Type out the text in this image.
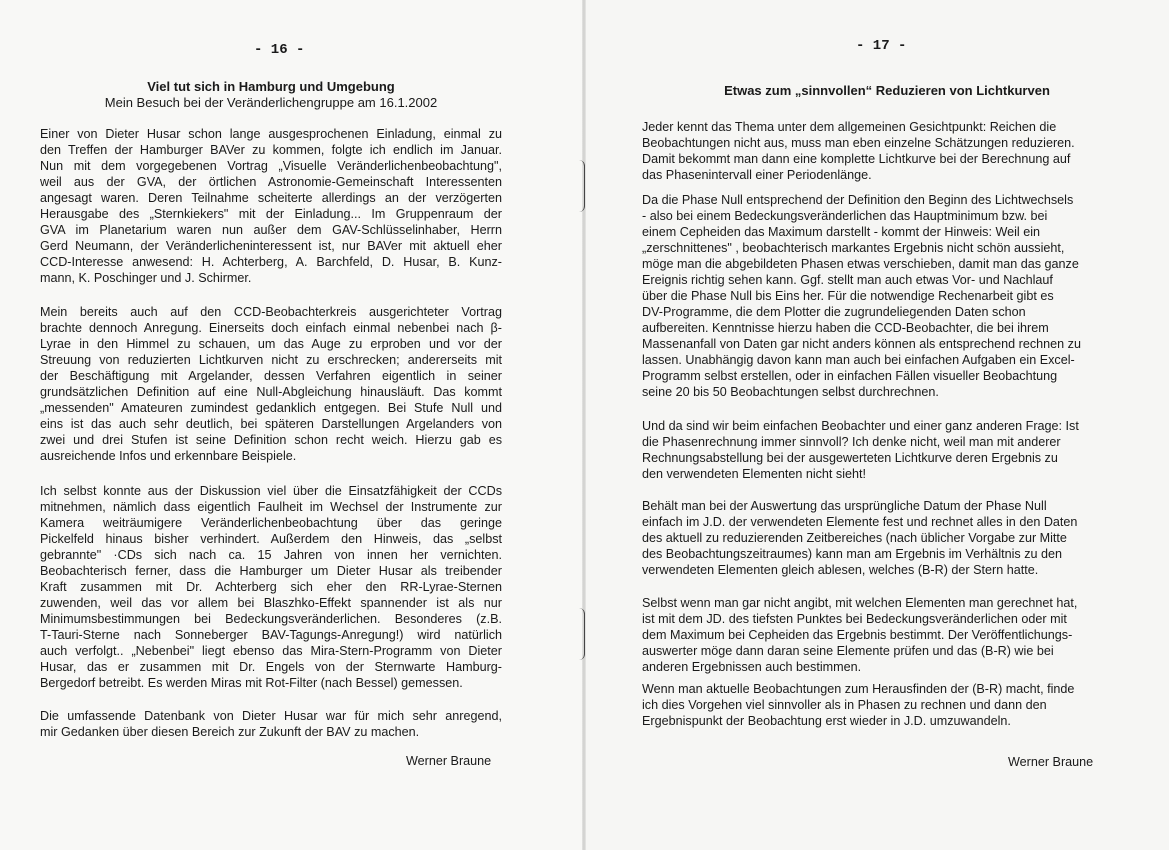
- 16 -
Viel tut sich in Hamburg und Umgebung
Mein Besuch bei der Veränderlichengruppe am 16.1.2002
Einer von Dieter Husar schon lange ausgesprochenen Einladung, einmal zu
den Treffen der Hamburger BAVer zu kommen, folgte ich endlich im Januar.
Nun mit dem vorgegebenen Vortrag „Visuelle Veränderlichenbeobachtung",
weil aus der GVA, der örtlichen Astronomie-Gemeinschaft Interessenten
angesagt waren. Deren Teilnahme scheiterte allerdings an der verzögerten
Herausgabe des „Sternkiekers" mit der Einladung... Im Gruppenraum der
GVA im Planetarium waren nun außer dem GAV-Schlüsselinhaber, Herrn
Gerd Neumann, der Veränderlicheninteressent ist, nur BAVer mit aktuell eher
CCD-Interesse anwesend: H. Achterberg, A. Barchfeld, D. Husar, B. Kunz-
mann, K. Poschinger und J. Schirmer.
Mein bereits auch auf den CCD-Beobachterkreis ausgerichteter Vortrag
brachte dennoch Anregung. Einerseits doch einfach einmal nebenbei nach β-
Lyrae in den Himmel zu schauen, um das Auge zu erproben und vor der
Streuung von reduzierten Lichtkurven nicht zu erschrecken; andererseits mit
der Beschäftigung mit Argelander, dessen Verfahren eigentlich in seiner
grundsätzlichen Definition auf eine Null-Abgleichung hinausläuft. Das kommt
„messenden" Amateuren zumindest gedanklich entgegen. Bei Stufe Null und
eins ist das auch sehr deutlich, bei späteren Darstellungen Argelanders von
zwei und drei Stufen ist seine Definition schon recht weich. Hierzu gab es
ausreichende Infos und erkennbare Beispiele.
Ich selbst konnte aus der Diskussion viel über die Einsatzfähigkeit der CCDs
mitnehmen, nämlich dass eigentlich Faulheit im Wechsel der Instrumente zur
Kamera weiträumigere Veränderlichenbeobachtung über das geringe
Pickelfeld hinaus bisher verhindert. Außerdem den Hinweis, das „selbst
gebrannte" ·CDs sich nach ca. 15 Jahren von innen her vernichten.
Beobachterisch ferner, dass die Hamburger um Dieter Husar als treibender
Kraft zusammen mit Dr. Achterberg sich eher den RR-Lyrae-Sternen
zuwenden, weil das vor allem bei Blaszhko-Effekt spannender ist als nur
Minimumsbestimmungen bei Bedeckungsveränderlichen. Besonderes (z.B.
T-Tauri-Sterne nach Sonneberger BAV-Tagungs-Anregung!) wird natürlich
auch verfolgt.. „Nebenbei" liegt ebenso das Mira-Stern-Programm von Dieter
Husar, das er zusammen mit Dr. Engels von der Sternwarte Hamburg-
Bergedorf betreibt. Es werden Miras mit Rot-Filter (nach Bessel) gemessen.
Die umfassende Datenbank von Dieter Husar war für mich sehr anregend,
mir Gedanken über diesen Bereich zur Zukunft der BAV zu machen.
Werner Braune
- 17 -
Etwas zum „sinnvollen“ Reduzieren von Lichtkurven
Jeder kennt das Thema unter dem allgemeinen Gesichtpunkt: Reichen die
Beobachtungen nicht aus, muss man eben einzelne Schätzungen reduzieren.
Damit bekommt man dann eine komplette Lichtkurve bei der Berechnung auf
das Phasenintervall einer Periodenlänge.
Da die Phase Null entsprechend der Definition den Beginn des Lichtwechsels
- also bei einem Bedeckungsveränderlichen das Hauptminimum bzw. bei
einem Cepheiden das Maximum darstellt - kommt der Hinweis: Weil ein
„zerschnittenes" , beobachterisch markantes Ergebnis nicht schön aussieht,
möge man die abgebildeten Phasen etwas verschieben, damit man das ganze
Ereignis richtig sehen kann. Ggf. stellt man auch etwas Vor- und Nachlauf
über die Phase Null bis Eins her. Für die notwendige Rechenarbeit gibt es
DV-Programme, die dem Plotter die zugrundeliegenden Daten schon
aufbereiten. Kenntnisse hierzu haben die CCD-Beobachter, die bei ihrem
Massenanfall von Daten gar nicht anders können als entsprechend rechnen zu
lassen. Unabhängig davon kann man auch bei einfachen Aufgaben ein Excel-
Programm selbst erstellen, oder in einfachen Fällen visueller Beobachtung
seine 20 bis 50 Beobachtungen selbst durchrechnen.
Und da sind wir beim einfachen Beobachter und einer ganz anderen Frage: Ist
die Phasenrechnung immer sinnvoll? Ich denke nicht, weil man mit anderer
Rechnungsabstellung bei der ausgewerteten Lichtkurve deren Ergebnis zu
den verwendeten Elementen nicht sieht!
Behält man bei der Auswertung das ursprüngliche Datum der Phase Null
einfach im J.D. der verwendeten Elemente fest und rechnet alles in den Daten
des aktuell zu reduzierenden Zeitbereiches (nach üblicher Vorgabe zur Mitte
des Beobachtungszeitraumes) kann man am Ergebnis im Verhältnis zu den
verwendeten Elementen gleich ablesen, welches (B-R) der Stern hatte.
Selbst wenn man gar nicht angibt, mit welchen Elementen man gerechnet hat,
ist mit dem JD. des tiefsten Punktes bei Bedeckungsveränderlichen oder mit
dem Maximum bei Cepheiden das Ergebnis bestimmt. Der Veröffentlichungs-
auswerter möge dann daran seine Elemente prüfen und das (B-R) wie bei
anderen Ergebnissen auch bestimmen.
Wenn man aktuelle Beobachtungen zum Herausfinden der (B-R) macht, finde
ich dies Vorgehen viel sinnvoller als in Phasen zu rechnen und dann den
Ergebnispunkt der Beobachtung erst wieder in J.D. umzuwandeln.
Werner Braune
